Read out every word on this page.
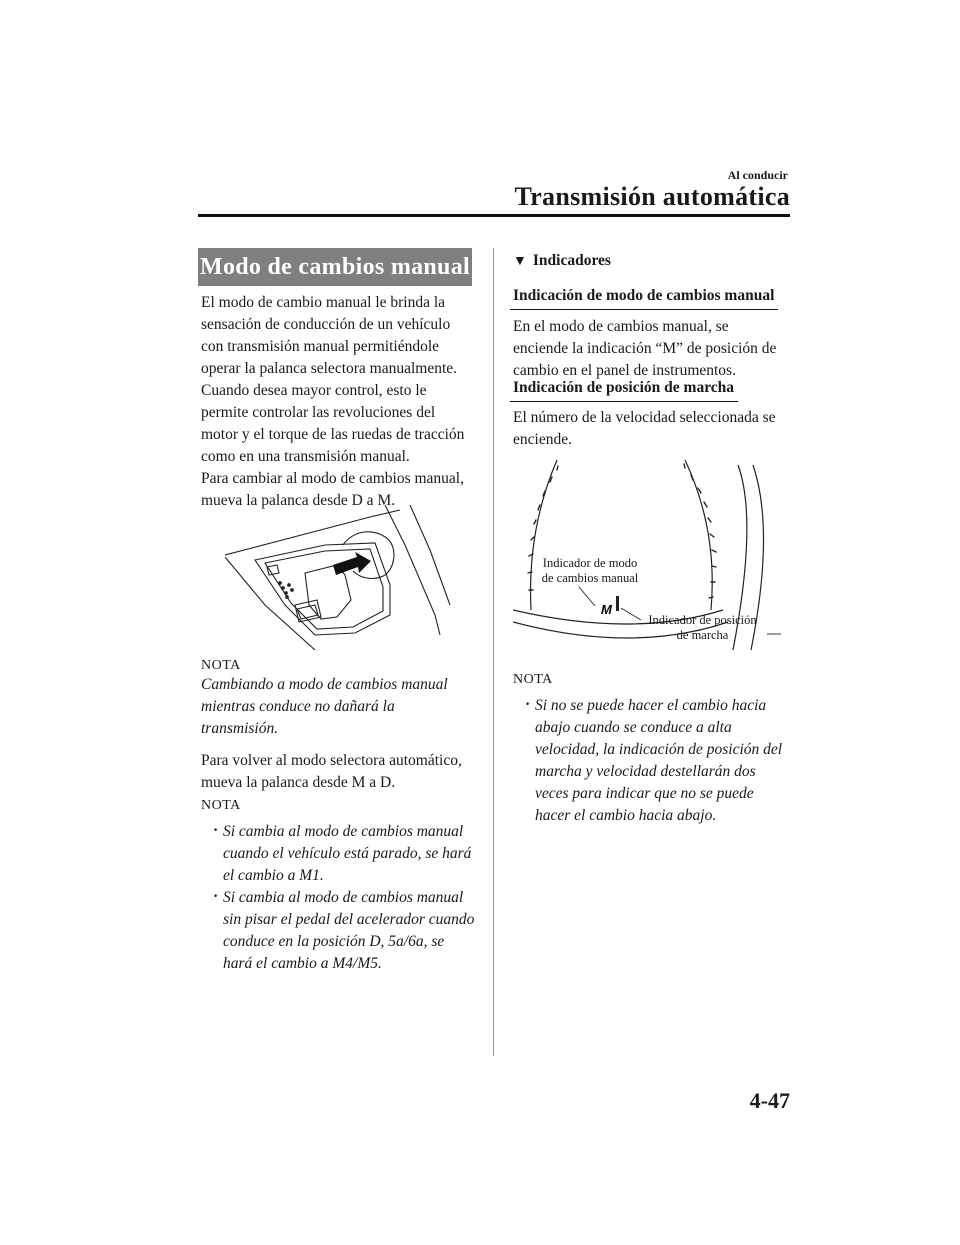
Al conducir
Transmisión automática
Modo de cambios manual
El modo de cambio manual le brinda la
sensación de conducción de un vehículo
con transmisión manual permitiéndole
operar la palanca selectora manualmente.
Cuando desea mayor control, esto le
permite controlar las revoluciones del
motor y el torque de las ruedas de tracción
como en una transmisión manual.
Para cambiar al modo de cambios manual,
mueva la palanca desde D a M.
NOTA
Cambiando a modo de cambios manual
mientras conduce no dañará la
transmisión.
Para volver al modo selectora automático,
mueva la palanca desde M a D.
NOTA
· Si cambia al modo de cambios manual
cuando el vehículo está parado, se hará
el cambio a M1.
· Si cambia al modo de cambios manual
sin pisar el pedal del acelerador cuando
conduce en la posición D, 5a/6a, se
hará el cambio a M4/M5.
▼ Indicadores
Indicación de modo de cambios manual
En el modo de cambios manual, se
enciende la indicación “M” de posición de
cambio en el panel de instrumentos.
Indicación de posición de marcha
El número de la velocidad seleccionada se
enciende.
M
Indicador de modo
de cambios manual
Indicador de posición
de marcha
NOTA
· Si no se puede hacer el cambio hacia
abajo cuando se conduce a alta
velocidad, la indicación de posición del
marcha y velocidad destellarán dos
veces para indicar que no se puede
hacer el cambio hacia abajo.
4-47
